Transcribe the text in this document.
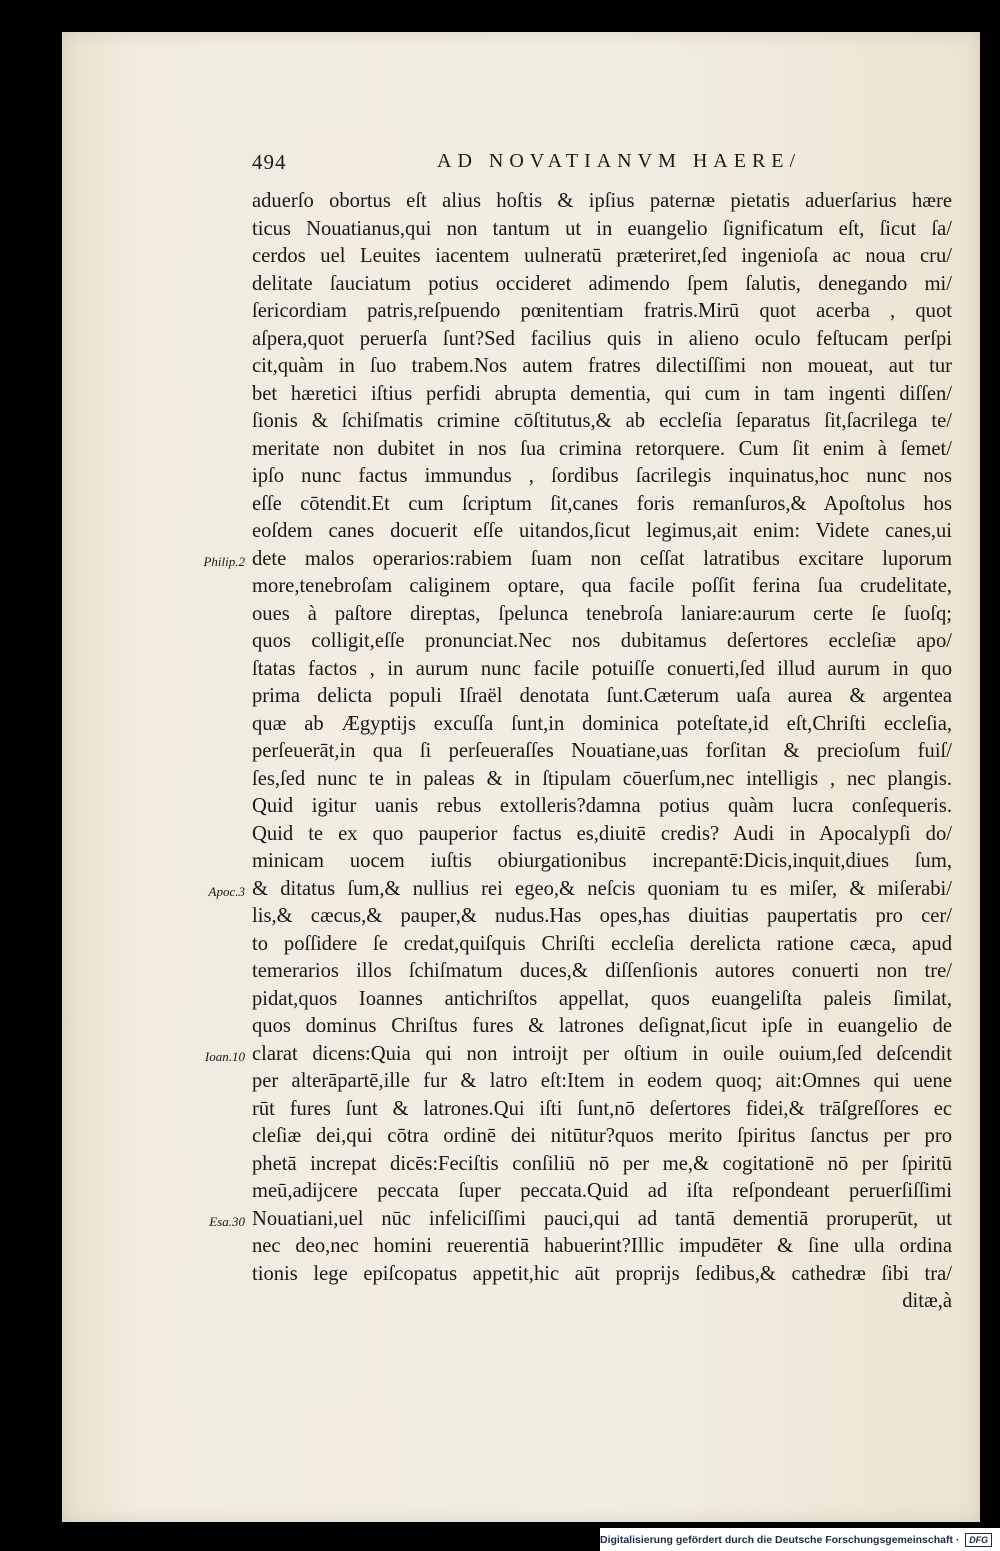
494	AD NOVATIANVM HAERE/
aduerſo obortus eſt alius hoſtis & ipſius paternæ pietatis aduerſarius hære
ticus Nouatianus,qui non tantum ut in euangelio ſignificatum eſt, ſicut ſa/
cerdos uel Leuites iacentem uulneratū præteriret,ſed ingenioſa ac noua cru/
delitate ſauciatum potius occideret adimendo ſpem ſalutis, denegando mi/
ſericordiam patris,reſpuendo pœnitentiam fratris.Mirū quot acerba , quot
aſpera,quot peruerſa ſunt?Sed facilius quis in alieno oculo feſtucam perſpi
cit,quàm in ſuo trabem.Nos autem fratres dilectiſſimi non moueat, aut tur
bet hæretici iſtius perfidi abrupta dementia, qui cum in tam ingenti diſſen/
ſionis & ſchiſmatis crimine cōſtitutus,& ab eccleſia ſeparatus ſit,ſacrilega te/
meritate non dubitet in nos ſua crimina retorquere. Cum ſit enim à ſemet/
ipſo nunc factus immundus , ſordibus ſacrilegis inquinatus,hoc nunc nos
eſſe cōtendit.Et cum ſcriptum ſit,canes foris remanſuros,& Apoſtolus hos
eoſdem canes docuerit eſſe uitandos,ſicut legimus,ait enim: Videte canes,ui
dete malos operarios:rabiem ſuam non ceſſat latratibus excitare luporum
more,tenebroſam caliginem optare, qua facile poſſit ferina ſua crudelitate,
oues à paſtore direptas, ſpelunca tenebroſa laniare:aurum certe ſe ſuoſq;
quos colligit,eſſe pronunciat.Nec nos dubitamus deſertores eccleſiæ apo/
ſtatas factos , in aurum nunc facile potuiſſe conuerti,ſed illud aurum in quo
prima delicta populi Iſraël denotata ſunt.Cæterum uaſa aurea & argentea
quæ ab Ægyptijs excuſſa ſunt,in dominica poteſtate,id eſt,Chriſti eccleſia,
perſeuerāt,in qua ſi perſeueraſſes Nouatiane,uas forſitan & precioſum fuiſ/
ſes,ſed nunc te in paleas & in ſtipulam cōuerſum,nec intelligis , nec plangis.
Quid igitur uanis rebus extolleris?damna potius quàm lucra conſequeris.
Quid te ex quo pauperior factus es,diuitē credis? Audi in Apocalypſi do/
minicam uocem iuſtis obiurgationibus increpantē:Dicis,inquit,diues ſum,
& ditatus ſum,& nullius rei egeo,& neſcis quoniam tu es miſer, & miſerabi/
lis,& cæcus,& pauper,& nudus.Has opes,has diuitias paupertatis pro cer/
to poſſidere ſe credat,quiſquis Chriſti eccleſia derelicta ratione cæca, apud
temerarios illos ſchiſmatum duces,& diſſenſionis autores conuerti non tre/
pidat,quos Ioannes antichriſtos appellat, quos euangeliſta paleis ſimilat,
quos dominus Chriſtus fures & latrones deſignat,ſicut ipſe in euangelio de
clarat dicens:Quia qui non introijt per oſtium in ouile ouium,ſed deſcendit
per alterāpartē,ille fur & latro eſt:Item in eodem quoq; ait:Omnes qui uene
rūt fures ſunt & latrones.Qui iſti ſunt,nō deſertores fidei,& trāſgreſſores ec
cleſiæ dei,qui cōtra ordinē dei nitūtur?quos merito ſpiritus ſanctus per pro
phetā increpat dicēs:Feciſtis conſiliū nō per me,& cogitationē nō per ſpiritū
meū,adijcere peccata ſuper peccata.Quid ad iſta reſpondeant peruerſiſſimi
Nouatiani,uel nūc infeliciſſimi pauci,qui ad tantā dementiā proruperūt, ut
nec deo,nec homini reuerentiā habuerint?Illic impudēter & ſine ulla ordina
tionis lege epiſcopatus appetit,hic aūt proprijs ſedibus,& cathedræ ſibi tra/
ditæ,à
Philip.2
Apoc.3
Ioan.10
Esa.30
Digitalisierung gefördert durch die Deutsche Forschungsgemeinschaft ·	DFG
